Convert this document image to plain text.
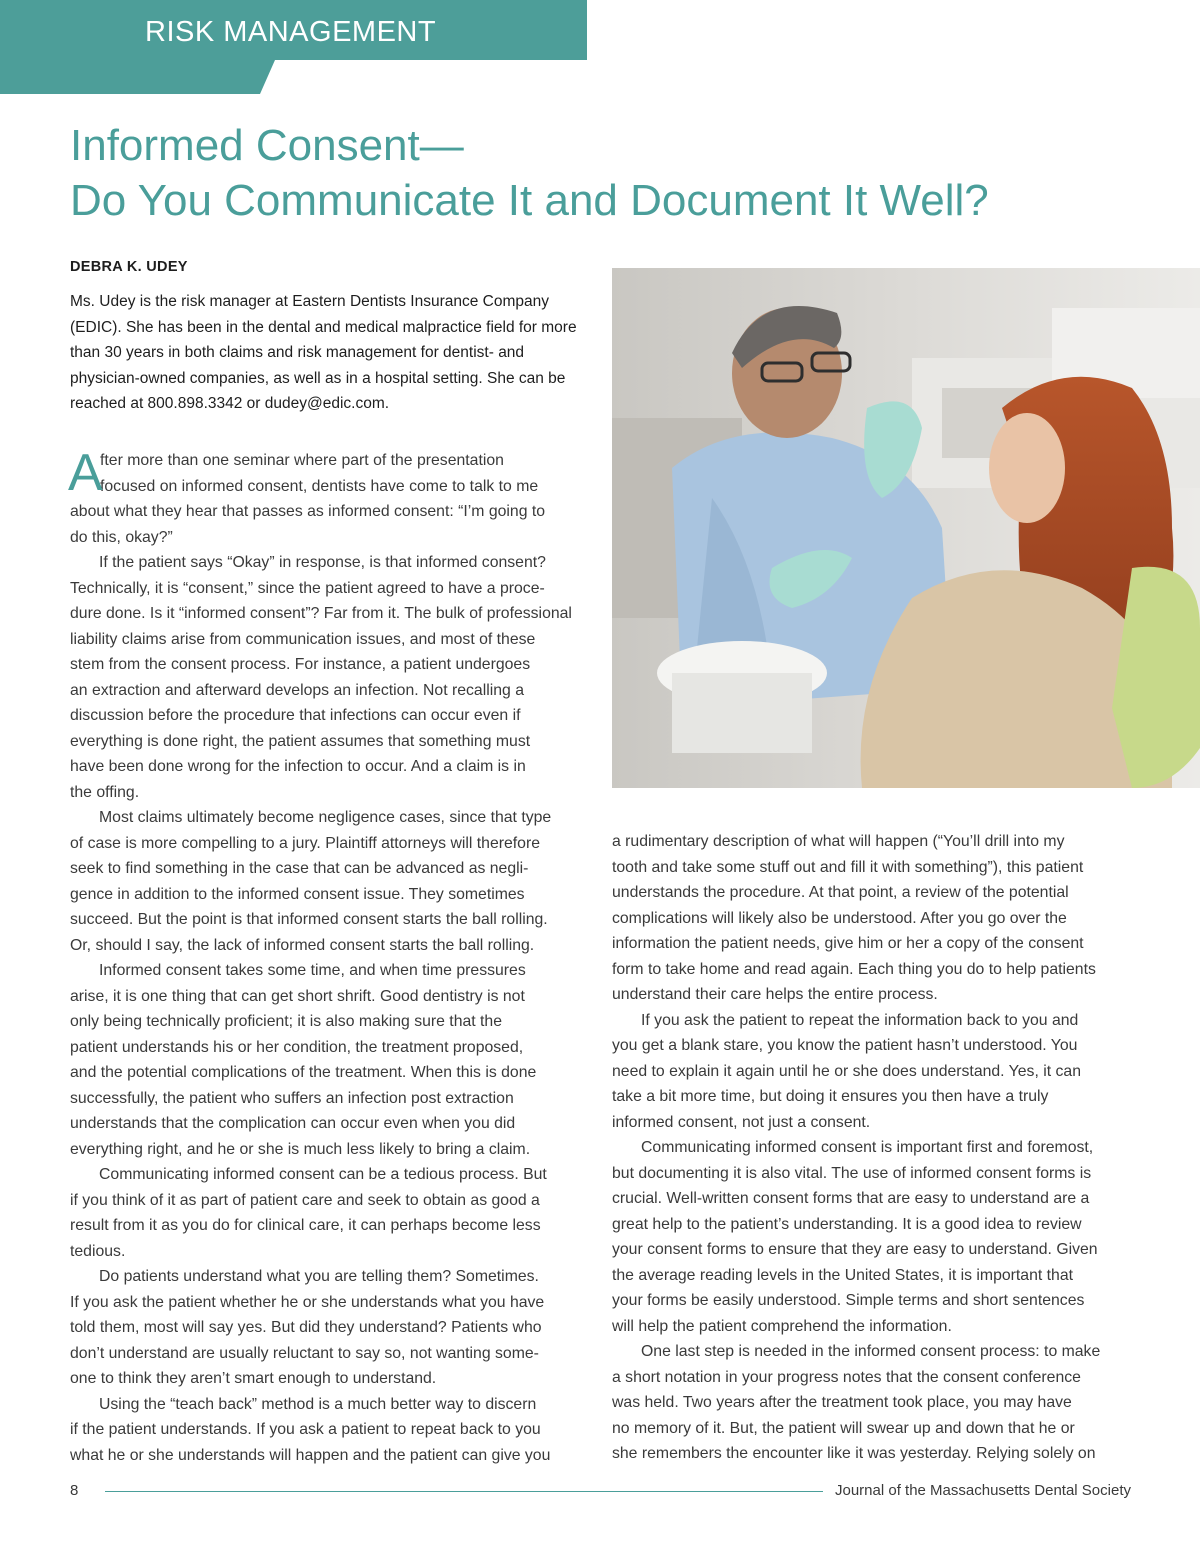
RISK MANAGEMENT
Informed Consent—
Do You Communicate It and Document It Well?
DEBRA K. UDEY
Ms. Udey is the risk manager at Eastern Dentists Insurance Company (EDIC). She has been in the dental and medical malpractice field for more than 30 years in both claims and risk management for dentist- and physician-owned companies, as well as in a hospital setting. She can be reached at 800.898.3342 or dudey@edic.com.

A
fter more than one seminar where part of the presentation
focused on informed consent, dentists have come to talk to me
about what they hear that passes as informed consent: “I’m going to
do this, okay?”

If the patient says “Okay” in response, is that informed consent?
Technically, it is “consent,” since the patient agreed to have a proce-
dure done. Is it “informed consent”? Far from it. The bulk of professional
liability claims arise from communication issues, and most of these
stem from the consent process. For instance, a patient undergoes
an extraction and afterward develops an infection. Not recalling a
discussion before the procedure that infections can occur even if
everything is done right, the patient assumes that something must
have been done wrong for the infection to occur. And a claim is in
the offing.

Most claims ultimately become negligence cases, since that type
of case is more compelling to a jury. Plaintiff attorneys will therefore
seek to find something in the case that can be advanced as negli-
gence in addition to the informed consent issue. They sometimes
succeed. But the point is that informed consent starts the ball rolling.
Or, should I say, the lack of informed consent starts the ball rolling.

Informed consent takes some time, and when time pressures
arise, it is one thing that can get short shrift. Good dentistry is not
only being technically proficient; it is also making sure that the
patient understands his or her condition, the treatment proposed,
and the potential complications of the treatment. When this is done
successfully, the patient who suffers an infection post extraction
understands that the complication can occur even when you did
everything right, and he or she is much less likely to bring a claim.

Communicating informed consent can be a tedious process. But
if you think of it as part of patient care and seek to obtain as good a
result from it as you do for clinical care, it can perhaps become less
tedious.

Do patients understand what you are telling them? Sometimes.
If you ask the patient whether he or she understands what you have
told them, most will say yes. But did they understand? Patients who
don’t understand are usually reluctant to say so, not wanting some-
one to think they aren’t smart enough to understand.

Using the “teach back” method is a much better way to discern
if the patient understands. If you ask a patient to repeat back to you
what he or she understands will happen and the patient can give you

a rudimentary description of what will happen (“You’ll drill into my
tooth and take some stuff out and fill it with something”), this patient
understands the procedure. At that point, a review of the potential
complications will likely also be understood. After you go over the
information the patient needs, give him or her a copy of the consent
form to take home and read again. Each thing you do to help patients
understand their care helps the entire process.

If you ask the patient to repeat the information back to you and
you get a blank stare, you know the patient hasn’t understood. You
need to explain it again until he or she does understand. Yes, it can
take a bit more time, but doing it ensures you then have a truly
informed consent, not just a consent.

Communicating informed consent is important first and foremost,
but documenting it is also vital. The use of informed consent forms is
crucial. Well-written consent forms that are easy to understand are a
great help to the patient’s understanding. It is a good idea to review
your consent forms to ensure that they are easy to understand. Given
the average reading levels in the United States, it is important that
your forms be easily understood. Simple terms and short sentences
will help the patient comprehend the information.

One last step is needed in the informed consent process: to make
a short notation in your progress notes that the consent conference
was held. Two years after the treatment took place, you may have
no memory of it. But, the patient will swear up and down that he or
she remembers the encounter like it was yesterday. Relying solely on

8	Journal of the Massachusetts Dental Society
